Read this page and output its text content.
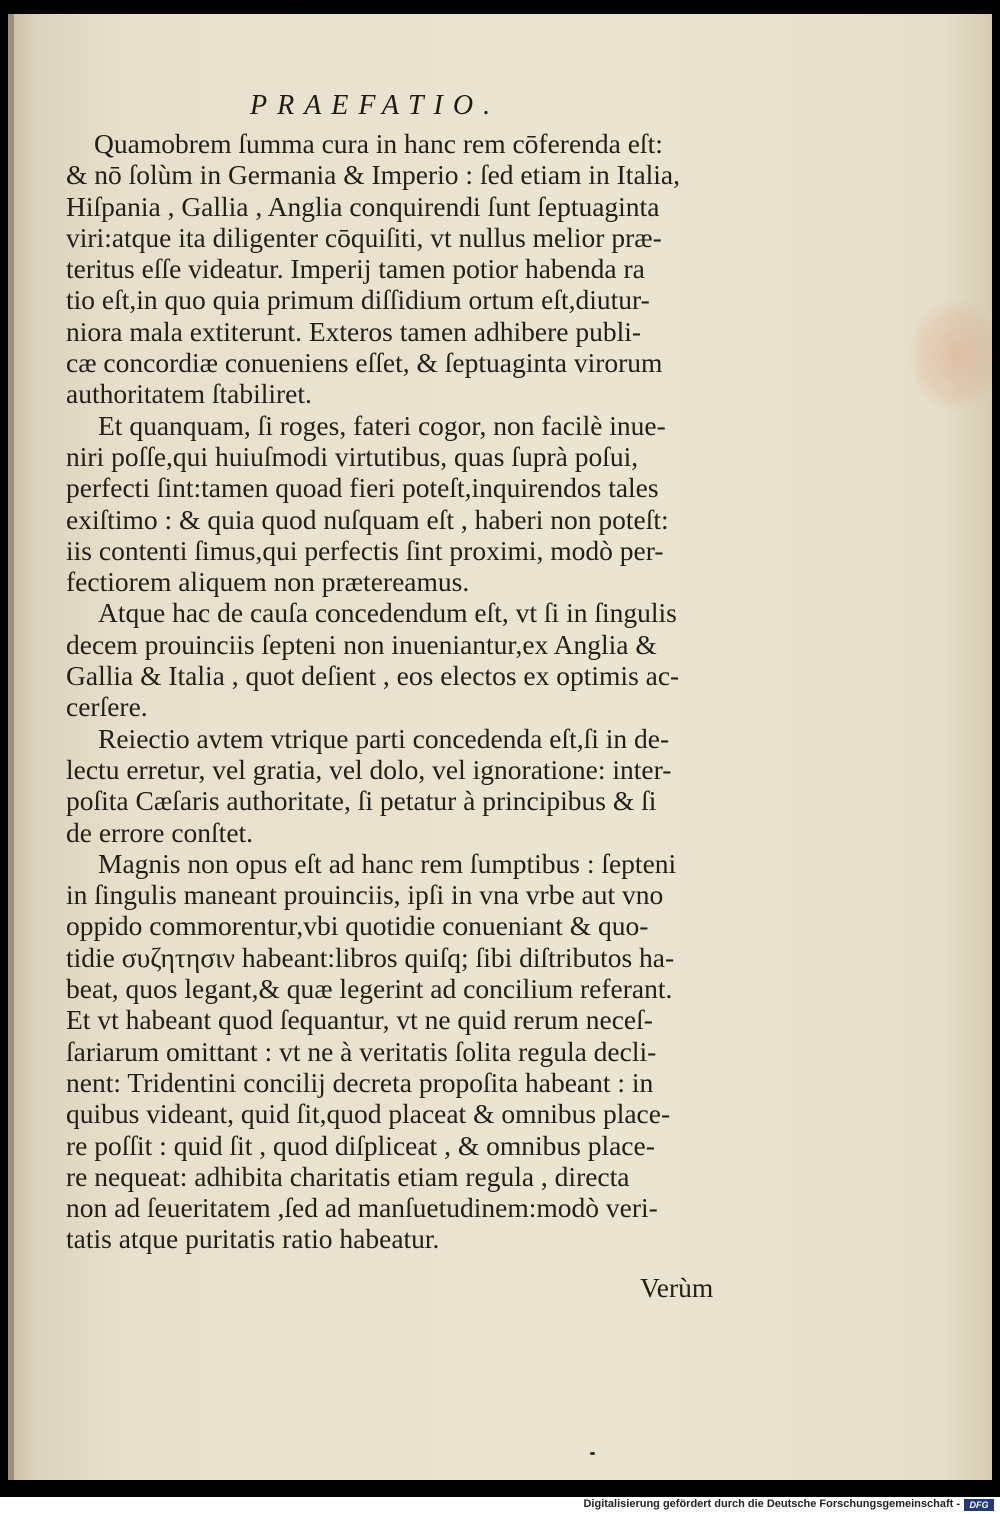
PRAEFATIO.
Quamobrem ſumma cura in hanc rem cōferenda eſt:
& nō ſolùm in Germania & Imperio : ſed etiam in Italia,
Hiſpania , Gallia , Anglia conquirendi ſunt ſeptuaginta
viri:atque ita diligenter cōquiſiti, vt nullus melior præ-
teritus eſſe videatur. Imperij tamen potior habenda ra
tio eſt,in quo quia primum diſſidium ortum eſt,diutur-
niora mala extiterunt. Exteros tamen adhibere publi-
cæ concordiæ conueniens eſſet, & ſeptuaginta virorum
authoritatem ſtabiliret.
Et quanquam, ſi roges, fateri cogor, non facilè inue-
niri poſſe,qui huiuſmodi virtutibus, quas ſuprà poſui,
perfecti ſint:tamen quoad fieri poteſt,inquirendos tales
exiſtimo : & quia quod nuſquam eſt , haberi non poteſt:
iis contenti ſimus,qui perfectis ſint proximi, modò per-
fectiorem aliquem non prætereamus.
Atque hac de cauſa concedendum eſt, vt ſi in ſingulis
decem prouinciis ſepteni non inueniantur,ex Anglia &
Gallia & Italia , quot deſient , eos electos ex optimis ac-
cerſere.
Reiectio avtem vtrique parti concedenda eſt,ſi in de-
lectu erretur, vel gratia, vel dolo, vel ignoratione: inter-
poſita Cæſaris authoritate, ſi petatur à principibus & ſi
de errore conſtet.
Magnis non opus eſt ad hanc rem ſumptibus : ſepteni
in ſingulis maneant prouinciis, ipſi in vna vrbe aut vno
oppido commorentur,vbi quotidie conueniant & quo-
tidie συζητησιν habeant:libros quiſq; ſibi diſtributos ha-
beat, quos legant,& quæ legerint ad concilium referant.
Et vt habeant quod ſequantur, vt ne quid rerum neceſ-
ſariarum omittant : vt ne à veritatis ſolita regula decli-
nent: Tridentini concilij decreta propoſita habeant : in
quibus videant, quid ſit,quod placeat & omnibus place-
re poſſit : quid ſit , quod diſpliceat , & omnibus place-
re nequeat: adhibita charitatis etiam regula , directa
non ad ſeueritatem ,ſed ad manſuetudinem:modò veri-
tatis atque puritatis ratio habeatur.
Verùm
Digitalisierung gefördert durch die Deutsche Forschungsgemeinschaft -	DFG
